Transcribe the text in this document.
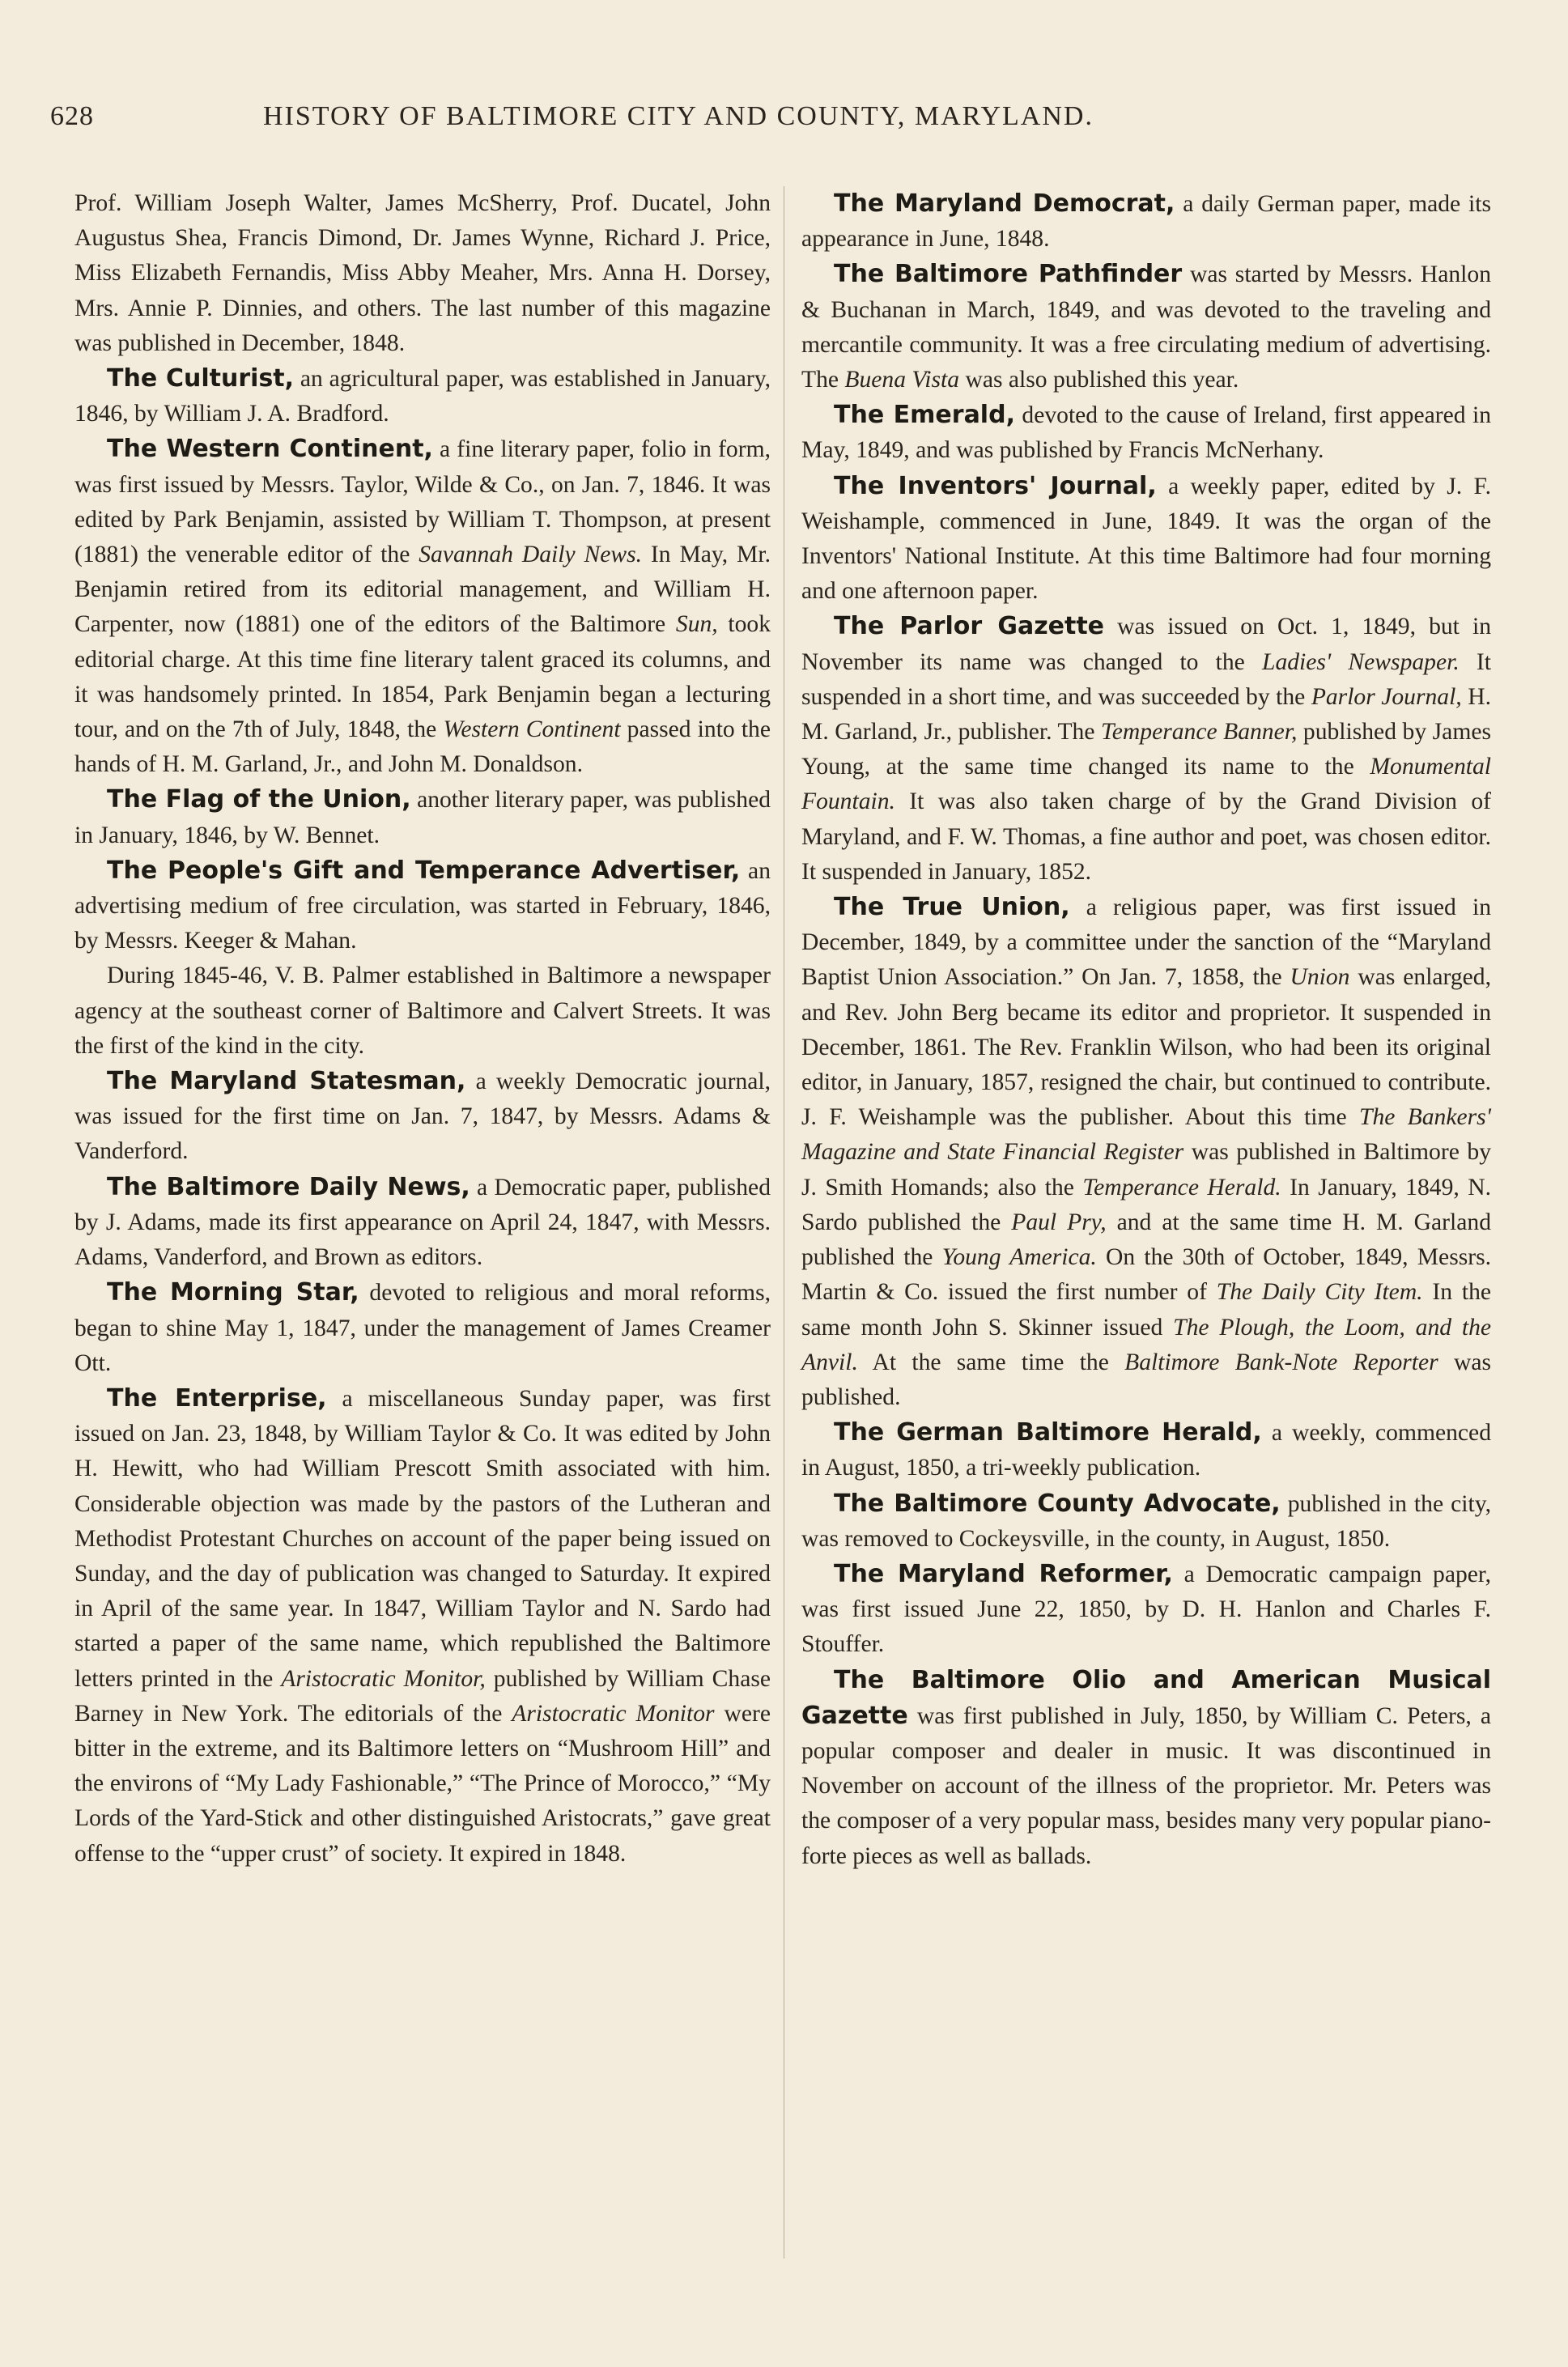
628	HISTORY OF BALTIMORE CITY AND COUNTY, MARYLAND.

Prof. William Joseph Walter, James McSherry, Prof. Ducatel, John Augustus Shea, Francis Dimond, Dr. James Wynne, Richard J. Price, Miss Elizabeth Fernandis, Miss Abby Meaher, Mrs. Anna H. Dorsey, Mrs. Annie P. Dinnies, and others. The last number of this magazine was published in December, 1848.

The Culturist, an agricultural paper, was established in January, 1846, by William J. A. Bradford.

The Western Continent, a fine literary paper, folio in form, was first issued by Messrs. Taylor, Wilde & Co., on Jan. 7, 1846. It was edited by Park Benjamin, assisted by William T. Thompson, at present (1881) the venerable editor of the Savannah Daily News. In May, Mr. Benjamin retired from its editorial management, and William H. Carpenter, now (1881) one of the editors of the Baltimore Sun, took editorial charge. At this time fine literary talent graced its columns, and it was handsomely printed. In 1854, Park Benjamin began a lecturing tour, and on the 7th of July, 1848, the Western Continent passed into the hands of H. M. Garland, Jr., and John M. Donaldson.

The Flag of the Union, another literary paper, was published in January, 1846, by W. Bennet.

The People's Gift and Temperance Advertiser, an advertising medium of free circulation, was started in February, 1846, by Messrs. Keeger & Mahan.

During 1845-46, V. B. Palmer established in Baltimore a newspaper agency at the southeast corner of Baltimore and Calvert Streets. It was the first of the kind in the city.

The Maryland Statesman, a weekly Democratic journal, was issued for the first time on Jan. 7, 1847, by Messrs. Adams & Vanderford.

The Baltimore Daily News, a Democratic paper, published by J. Adams, made its first appearance on April 24, 1847, with Messrs. Adams, Vanderford, and Brown as editors.

The Morning Star, devoted to religious and moral reforms, began to shine May 1, 1847, under the management of James Creamer Ott.

The Enterprise, a miscellaneous Sunday paper, was first issued on Jan. 23, 1848, by William Taylor & Co. It was edited by John H. Hewitt, who had William Prescott Smith associated with him. Considerable objection was made by the pastors of the Lutheran and Methodist Protestant Churches on account of the paper being issued on Sunday, and the day of publication was changed to Saturday. It expired in April of the same year. In 1847, William Taylor and N. Sardo had started a paper of the same name, which republished the Baltimore letters printed in the Aristocratic Monitor, published by William Chase Barney in New York. The editorials of the Aristocratic Monitor were bitter in the extreme, and its Baltimore letters on “Mushroom Hill” and the environs of “My Lady Fashionable,” “The Prince of Morocco,” “My Lords of the Yard-Stick and other distinguished Aristocrats,” gave great offense to the “upper crust” of society. It expired in 1848.

The Maryland Democrat, a daily German paper, made its appearance in June, 1848.

The Baltimore Pathfinder was started by Messrs. Hanlon & Buchanan in March, 1849, and was devoted to the traveling and mercantile community. It was a free circulating medium of advertising. The Buena Vista was also published this year.

The Emerald, devoted to the cause of Ireland, first appeared in May, 1849, and was published by Francis McNerhany.

The Inventors' Journal, a weekly paper, edited by J. F. Weishample, commenced in June, 1849. It was the organ of the Inventors' National Institute. At this time Baltimore had four morning and one afternoon paper.

The Parlor Gazette was issued on Oct. 1, 1849, but in November its name was changed to the Ladies' Newspaper. It suspended in a short time, and was succeeded by the Parlor Journal, H. M. Garland, Jr., publisher. The Temperance Banner, published by James Young, at the same time changed its name to the Monumental Fountain. It was also taken charge of by the Grand Division of Maryland, and F. W. Thomas, a fine author and poet, was chosen editor. It suspended in January, 1852.

The True Union, a religious paper, was first issued in December, 1849, by a committee under the sanction of the “Maryland Baptist Union Association.” On Jan. 7, 1858, the Union was enlarged, and Rev. John Berg became its editor and proprietor. It suspended in December, 1861. The Rev. Franklin Wilson, who had been its original editor, in January, 1857, resigned the chair, but continued to contribute. J. F. Weishample was the publisher. About this time The Bankers' Magazine and State Financial Register was published in Baltimore by J. Smith Homands; also the Temperance Herald. In January, 1849, N. Sardo published the Paul Pry, and at the same time H. M. Garland published the Young America. On the 30th of October, 1849, Messrs. Martin & Co. issued the first number of The Daily City Item. In the same month John S. Skinner issued The Plough, the Loom, and the Anvil. At the same time the Baltimore Bank-Note Reporter was published.

The German Baltimore Herald, a weekly, commenced in August, 1850, a tri-weekly publication.

The Baltimore County Advocate, published in the city, was removed to Cockeysville, in the county, in August, 1850.

The Maryland Reformer, a Democratic campaign paper, was first issued June 22, 1850, by D. H. Hanlon and Charles F. Stouffer.

The Baltimore Olio and American Musical Gazette was first published in July, 1850, by William C. Peters, a popular composer and dealer in music. It was discontinued in November on account of the illness of the proprietor. Mr. Peters was the composer of a very popular mass, besides many very popular piano-forte pieces as well as ballads.
